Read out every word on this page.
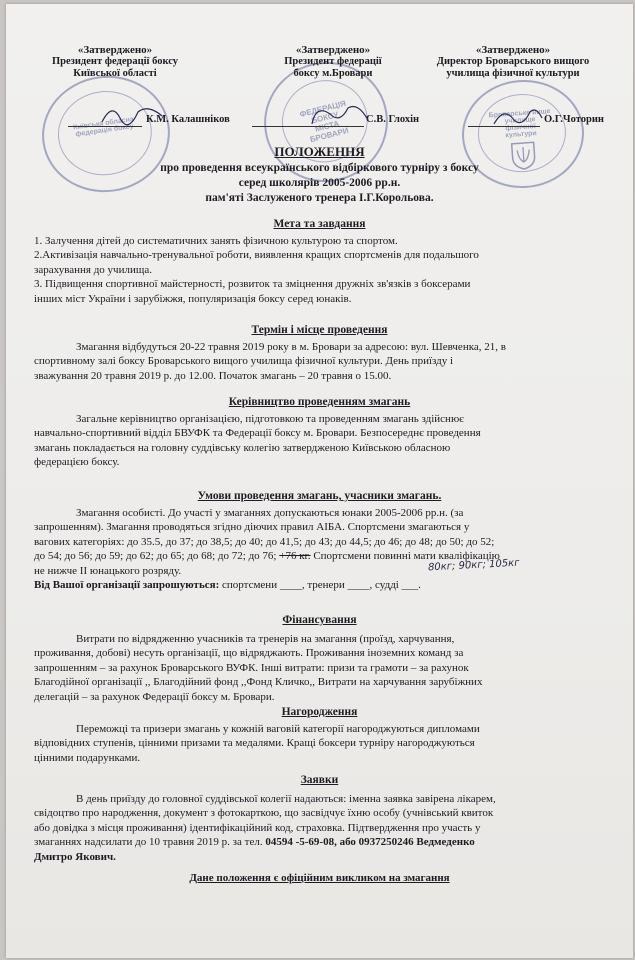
Київська обласна федерація боксу
ФЕДЕРАЦІЯ БОКСУ МІСТА БРОВАРИ
Броварське вище училище фізичної культури
«Затверджено»
Президент федерації боксу
Київської області
«Затверджено»
Президент федерації
боксу м.Бровари
«Затверджено»
Директор Броварського вищого
училища фізичної культури
К.М. Калашніков	С.В. Глохін	О.Г.Чоторин
ПОЛОЖЕННЯ
про проведення всеукраїнського відбіркового турніру з боксу
серед школярів 2005-2006 рр.н.
пам'яті Заслуженого тренера І.Г.Корольова.
Мета та завдання
1. Залучення дітей до систематичних занять фізичною культурою та спортом.
2.Активізація навчально-тренувальної роботи, виявлення кращих спортсменів для подальшого
зарахування до училища.
3. Підвищення спортивної майстерності, розвиток та зміцнення дружніх зв'язків з боксерами
інших міст України і зарубіжжя, популяризація боксу серед юнаків.
Термін і місце проведення
Змагання відбудуться 20-22 травня 2019 року в м. Бровари за адресою: вул. Шевченка, 21, в
спортивному залі боксу Броварського вищого училища фізичної культури. День приїзду і
зважування 20 травня 2019 р. до 12.00. Початок змагань – 20 травня о 15.00.
Керівництво проведенням змагань
Загальне керівництво організацією, підготовкою та проведенням змагань здійснює
навчально-спортивний відділ БВУФК та Федерації боксу м. Бровари. Безпосереднє проведення
змагань покладається на головну суддівську колегію затвердженою Київською обласною
федерацією боксу.
Умови проведення змагань, учасники змагань.
Змагання особисті. До участі у змаганнях допускаються юнаки 2005-2006 рр.н. (за
запрошенням). Змагання проводяться згідно діючих правил AIБA. Спортсмени змагаються у
вагових категоріях: до 35.5, до 37; до 38,5; до 40; до 41,5; до 43; до 44,5; до 46; до 48; до 50; до 52;
до 54; до 56; до 59; до 62; до 65; до 68; до 72; до 76; +76 кг. Спортсмени повинні мати кваліфікацію
не нижче ІІ юнацького розряду.
Від Вашої організації запрошуються: спортсмени ____, тренери ____, судді ___.
80кг; 90кг; 105кг
Фінансування
Витрати по відрядженню учасників та тренерів на змагання (проїзд, харчування,
проживання, добові) несуть організації, що відряджають. Проживання іноземних команд за
запрошенням – за рахунок Броварського ВУФК. Інші витрати: призи та грамоти – за рахунок
Благодійної організації ,, Благодійний фонд ,,Фонд Кличко,, Витрати на харчування зарубіжних
делегацій – за рахунок Федерації боксу м. Бровари.
Нагородження
Переможці та призери змагань у кожній ваговій категорії нагороджуються дипломами
відповідних ступенів, цінними призами та медалями. Кращі боксери турніру нагороджуються
цінними подарунками.
Заявки
В день приїзду до головної суддівської колегії надаються: іменна заявка завірена лікарем,
свідоцтво про народження, документ з фотокарткою, що засвідчує їхню особу (учнівський квиток
або довідка з місця проживання) ідентифікаційний код, страховка. Підтвердження про участь у
змаганнях надсилати до 10 травня 2019 р. за тел. 04594 -5-69-08, або 0937250246 Ведмеденко
Дмитро Якович.
Дане положення є офіційним викликом на змагання
